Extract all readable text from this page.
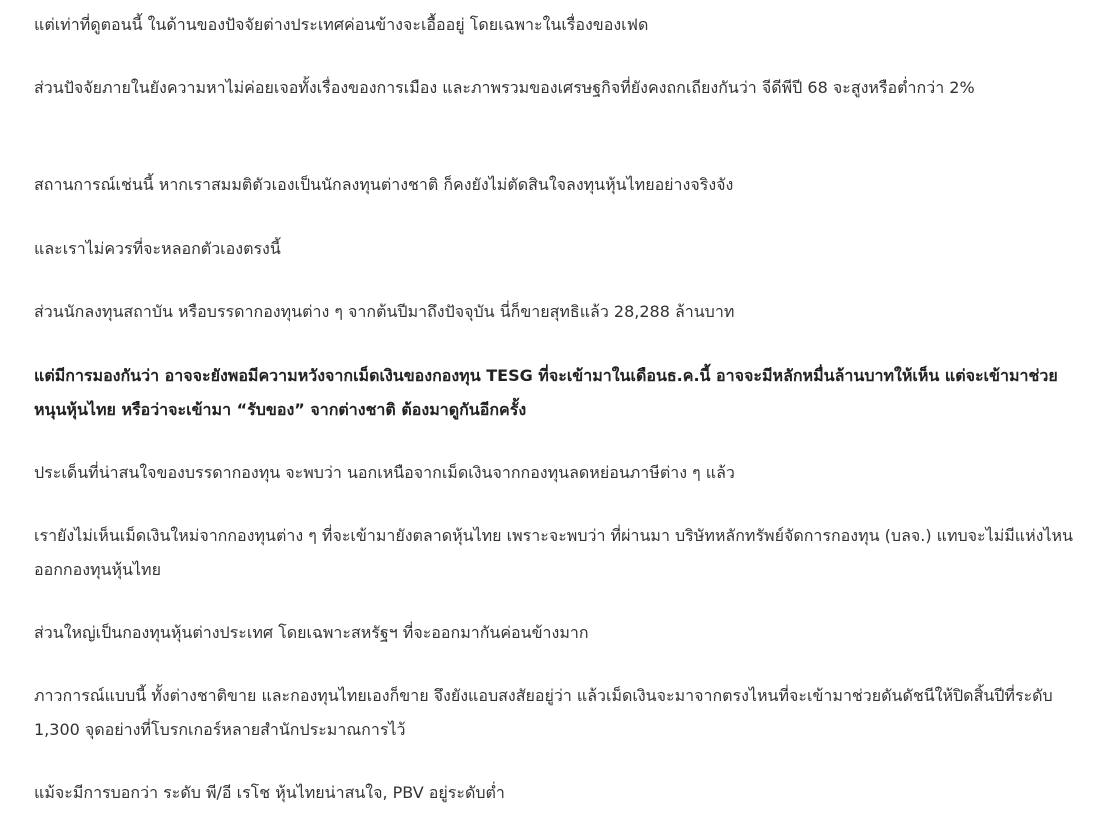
แต่เท่าที่ดูตอนนี้ ในด้านของปัจจัยต่างประเทศค่อนข้างจะเอื้ออยู่ โดยเฉพาะในเรื่องของเฟด

ส่วนปัจจัยภายในยังความหาไม่ค่อยเจอทั้งเรื่องของการเมือง และภาพรวมของเศรษฐกิจที่ยังคงถกเถียงกันว่า จีดีพีปี 68 จะสูงหรือต่ำกว่า 2%

สถานการณ์เช่นนี้ หากเราสมมติตัวเองเป็นนักลงทุนต่างชาติ ก็คงยังไม่ตัดสินใจลงทุนหุ้นไทยอย่างจริงจัง

และเราไม่ควรที่จะหลอกตัวเองตรงนี้

ส่วนนักลงทุนสถาบัน หรือบรรดากองทุนต่าง ๆ จากต้นปีมาถึงปัจจุบัน นี่ก็ขายสุทธิแล้ว 28,288 ล้านบาท

แต่มีการมองกันว่า อาจจะยังพอมีความหวังจากเม็ดเงินของกองทุน TESG ที่จะเข้ามาในเดือนธ.ค.นี้ อาจจะมีหลักหมื่นล้านบาทให้เห็น แต่จะเข้ามาช่วยหนุนหุ้นไทย หรือว่าจะเข้ามา “รับของ” จากต่างชาติ ต้องมาดูกันอีกครั้ง

ประเด็นที่น่าสนใจของบรรดากองทุน จะพบว่า นอกเหนือจากเม็ดเงินจากกองทุนลดหย่อนภาษีต่าง ๆ แล้ว

เรายังไม่เห็นเม็ดเงินใหม่จากกองทุนต่าง ๆ ที่จะเข้ามายังตลาดหุ้นไทย เพราะจะพบว่า ที่ผ่านมา บริษัทหลักทรัพย์จัดการกองทุน (บลจ.) แทบจะไม่มีแห่งไหนออกกองทุนหุ้นไทย

ส่วนใหญ่เป็นกองทุนหุ้นต่างประเทศ โดยเฉพาะสหรัฐฯ ที่จะออกมากันค่อนข้างมาก

ภาวการณ์แบบนี้ ทั้งต่างชาติขาย และกองทุนไทยเองก็ขาย จึงยังแอบสงสัยอยู่ว่า แล้วเม็ดเงินจะมาจากตรงไหนที่จะเข้ามาช่วยดันดัชนีให้ปิดสิ้นปีที่ระดับ 1,300 จุดอย่างที่โบรกเกอร์หลายสำนักประมาณการไว้

แม้จะมีการบอกว่า ระดับ พี/อี เรโช หุ้นไทยน่าสนใจ, PBV อยู่ระดับต่ำ
